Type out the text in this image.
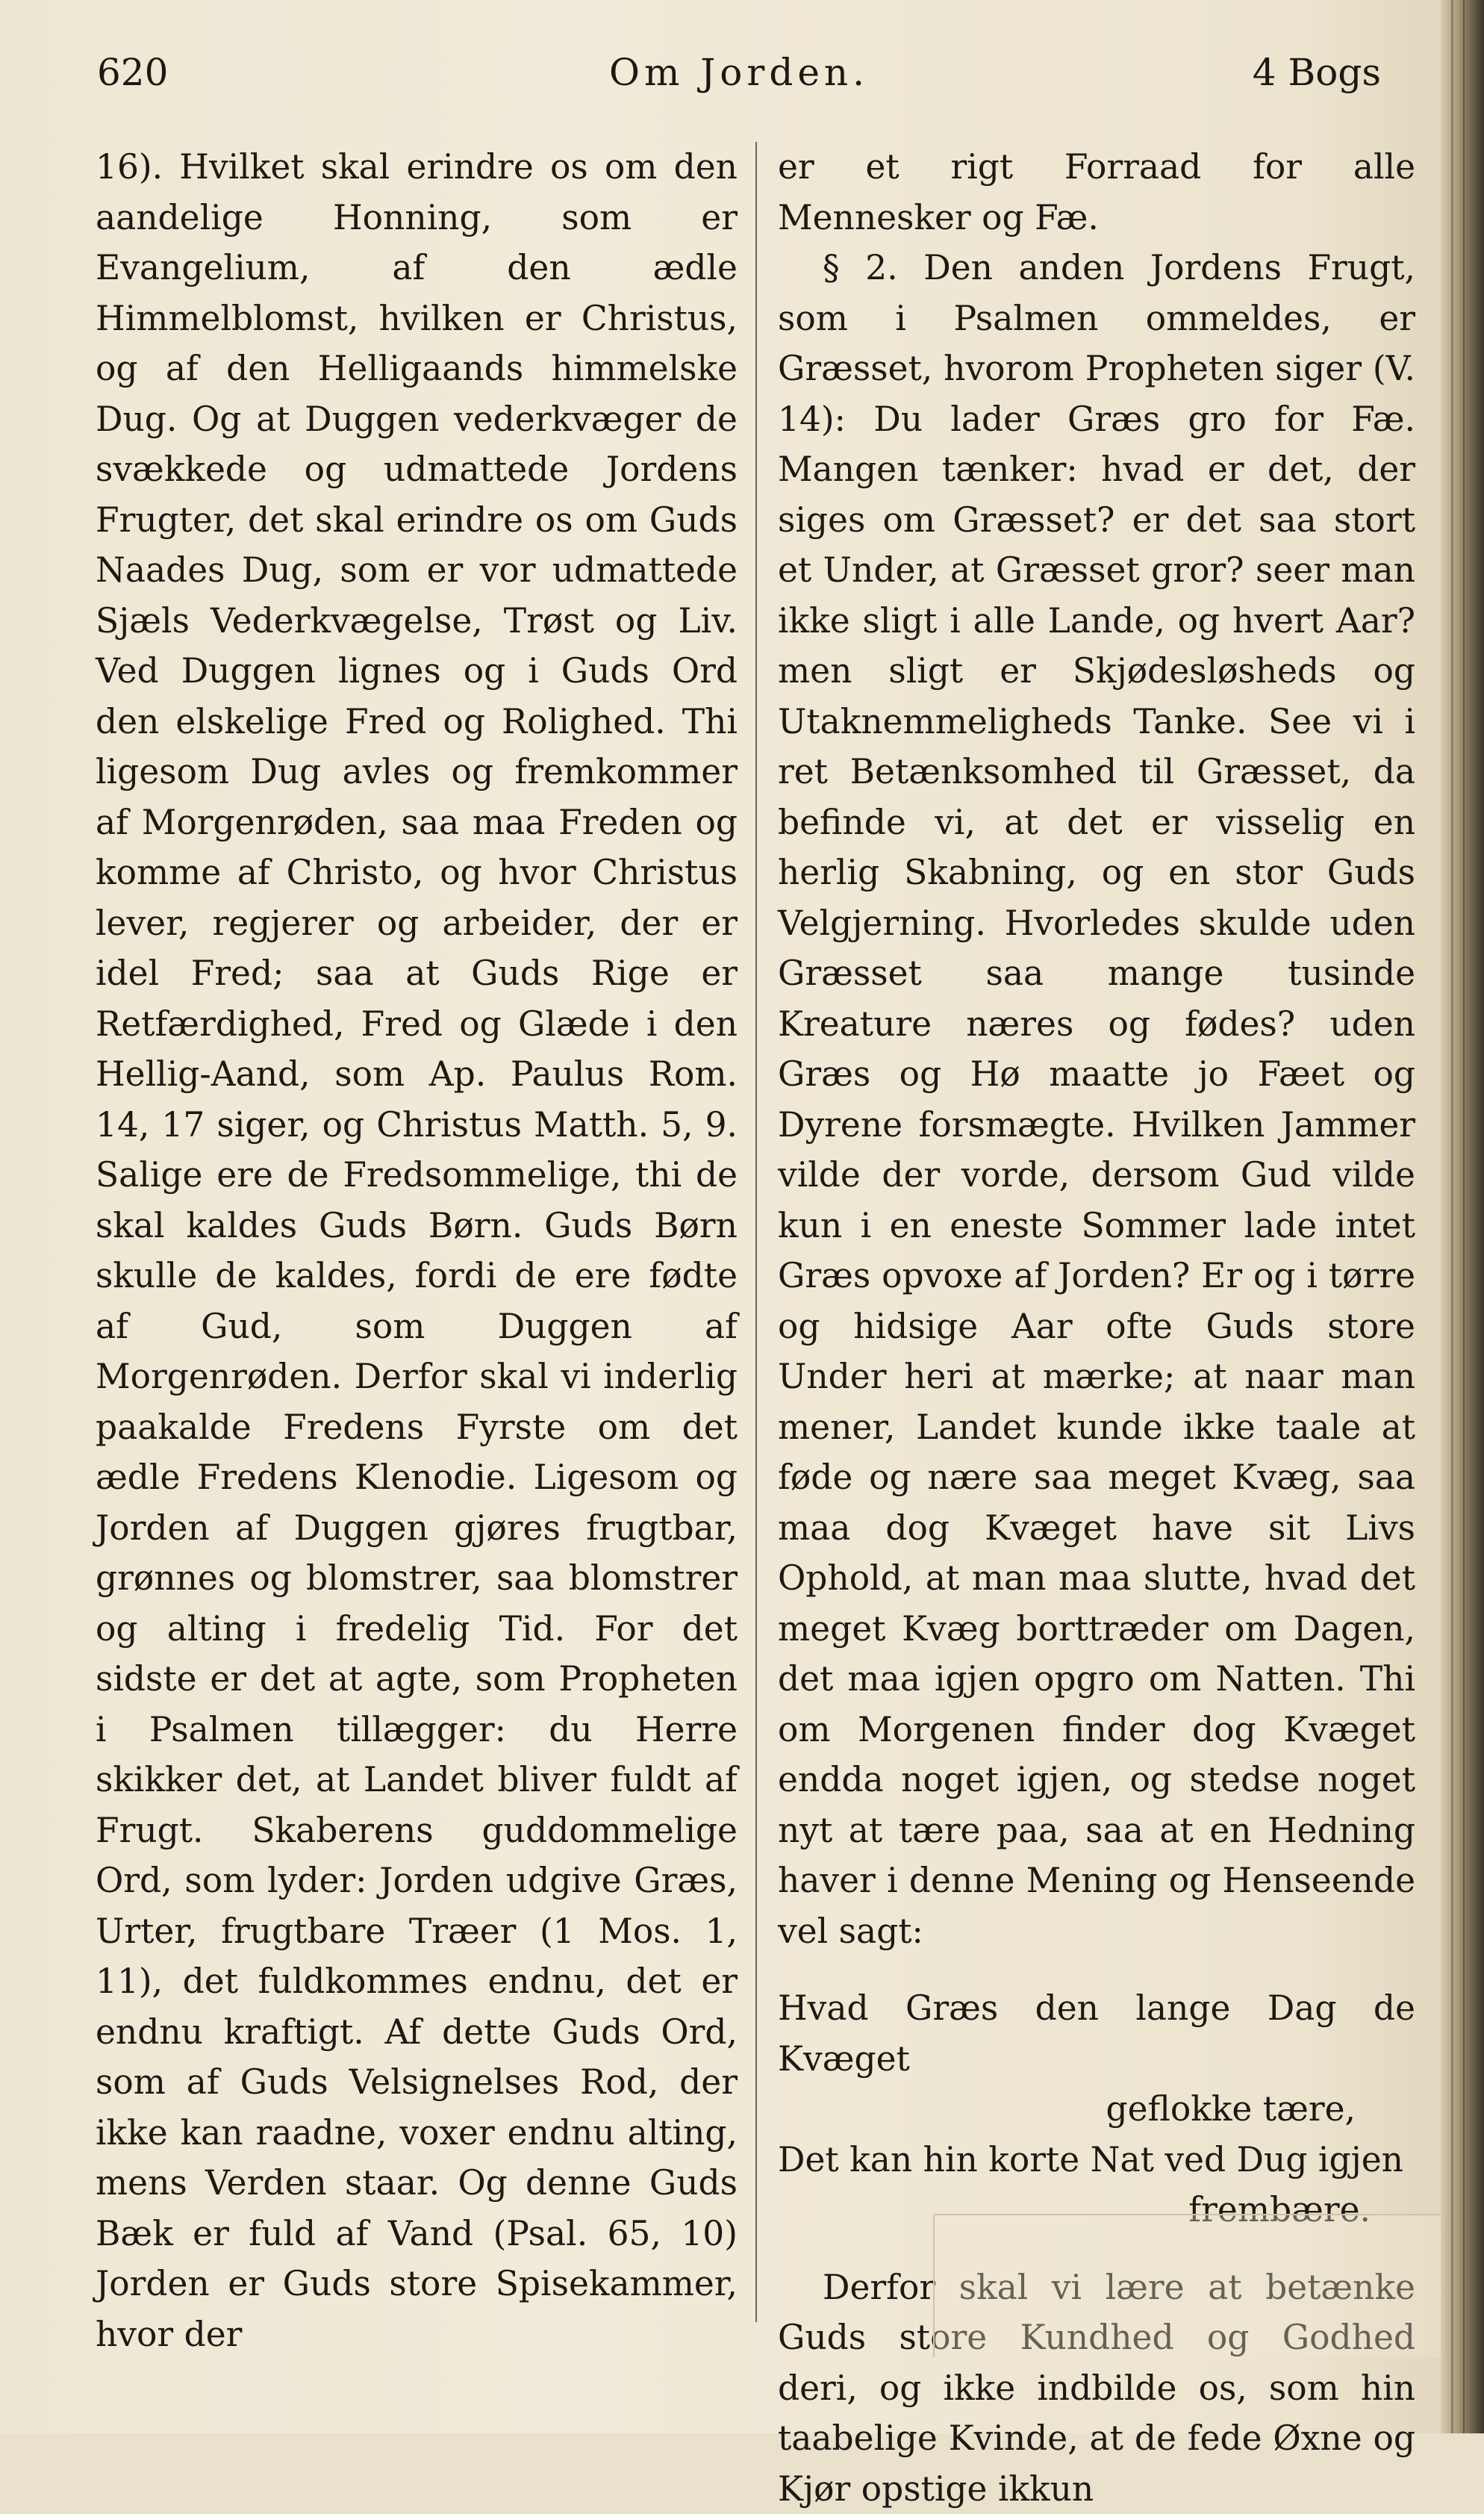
620	Om Jorden.	4 Bogs

16). Hvilket skal erindre os om den aandelige Honning, som er Evangelium, af den ædle Himmelblomst, hvilken er Christus, og af den Helligaands himmelske Dug. Og at Duggen vederkvæger de svækkede og udmattede Jordens Frugter, det skal erindre os om Guds Naades Dug, som er vor udmattede Sjæls Vederkvægelse, Trøst og Liv. Ved Duggen lignes og i Guds Ord den elskelige Fred og Rolighed. Thi ligesom Dug avles og fremkommer af Morgenrøden, saa maa Freden og komme af Christo, og hvor Christus lever, regjerer og arbeider, der er idel Fred; saa at Guds Rige er Retfærdighed, Fred og Glæde i den Hellig-Aand, som Ap. Paulus Rom. 14, 17 siger, og Christus Matth. 5, 9. Salige ere de Fredsommelige, thi de skal kaldes Guds Børn. Guds Børn skulle de kaldes, fordi de ere fødte af Gud, som Duggen af Morgenrøden. Derfor skal vi inderlig paakalde Fredens Fyrste om det ædle Fredens Klenodie. Ligesom og Jorden af Duggen gjøres frugtbar, grønnes og blomstrer, saa blomstrer og alting i fredelig Tid. For det sidste er det at agte, som Propheten i Psalmen tillægger: du Herre skikker det, at Landet bliver fuldt af Frugt. Skaberens guddommelige Ord, som lyder: Jorden udgive Græs, Urter, frugtbare Træer (1 Mos. 1, 11), det fuldkommes endnu, det er endnu kraftigt. Af dette Guds Ord, som af Guds Velsignelses Rod, der ikke kan raadne, voxer endnu alting, mens Verden staar. Og denne Guds Bæk er fuld af Vand (Psal. 65, 10) Jorden er Guds store Spisekammer, hvor der

er et rigt Forraad for alle Mennesker og Fæ.

§ 2. Den anden Jordens Frugt, som i Psalmen ommeldes, er Græsset, hvorom Propheten siger (V. 14): Du lader Græs gro for Fæ. Mangen tænker: hvad er det, der siges om Græsset? er det saa stort et Under, at Græsset gror? seer man ikke sligt i alle Lande, og hvert Aar? men sligt er Skjødesløsheds og Utaknemmeligheds Tanke. See vi i ret Betænksomhed til Græsset, da befinde vi, at det er visselig en herlig Skabning, og en stor Guds Velgjerning. Hvorledes skulde uden Græsset saa mange tusinde Kreature næres og fødes? uden Græs og Hø maatte jo Fæet og Dyrene forsmægte. Hvilken Jammer vilde der vorde, dersom Gud vilde kun i en eneste Sommer lade intet Græs opvoxe af Jorden? Er og i tørre og hidsige Aar ofte Guds store Under heri at mærke; at naar man mener, Landet kunde ikke taale at føde og nære saa meget Kvæg, saa maa dog Kvæget have sit Livs Ophold, at man maa slutte, hvad det meget Kvæg borttræder om Dagen, det maa igjen opgro om Natten. Thi om Morgenen finder dog Kvæget endda noget igjen, og stedse noget nyt at tære paa, saa at en Hedning haver i denne Mening og Henseende vel sagt:

Hvad Græs den lange Dag de Kvæget
geflokke tære,

Det kan hin korte Nat ved Dug igjen
frembære.

Derfor skal vi lære at betænke Guds store Kundhed og Godhed deri, og ikke indbilde os, som hin taabelige Kvinde, at de fede Øxne og Kjør opstige ikkun
